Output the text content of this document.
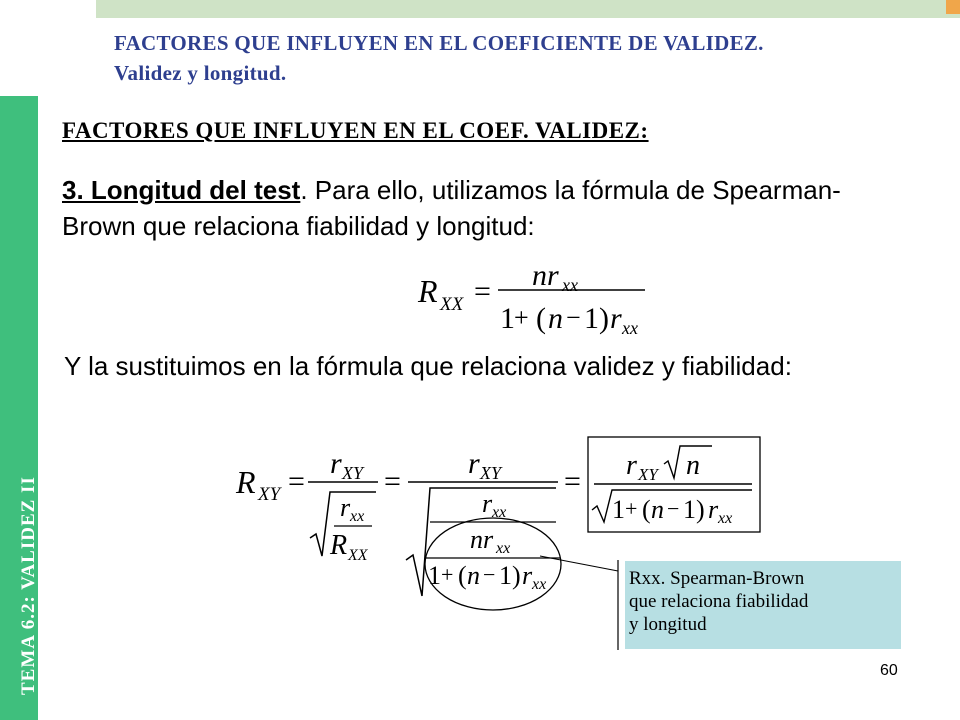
FACTORES QUE INFLUYEN EN EL COEFICIENTE DE VALIDEZ.
Validez y longitud.
TEMA 6.2: VALIDEZ II
FACTORES QUE INFLUYEN EN EL COEF. VALIDEZ:
3. Longitud del test. Para ello, utilizamos la fórmula de Spearman-Brown que relaciona fiabilidad y longitud:
Y la sustituimos en la fórmula que relaciona validez y fiabilidad:
R XX = nr xx
1 + ( n − 1) r xx
R XY =
r XY
r xx
R XX
=
r XY
r xx
nr xx
1 + ( n − 1) r xx
= r XY n
1 + ( n − 1) r xx
Rxx. Spearman-Brown
que relaciona fiabilidad
y longitud
60
